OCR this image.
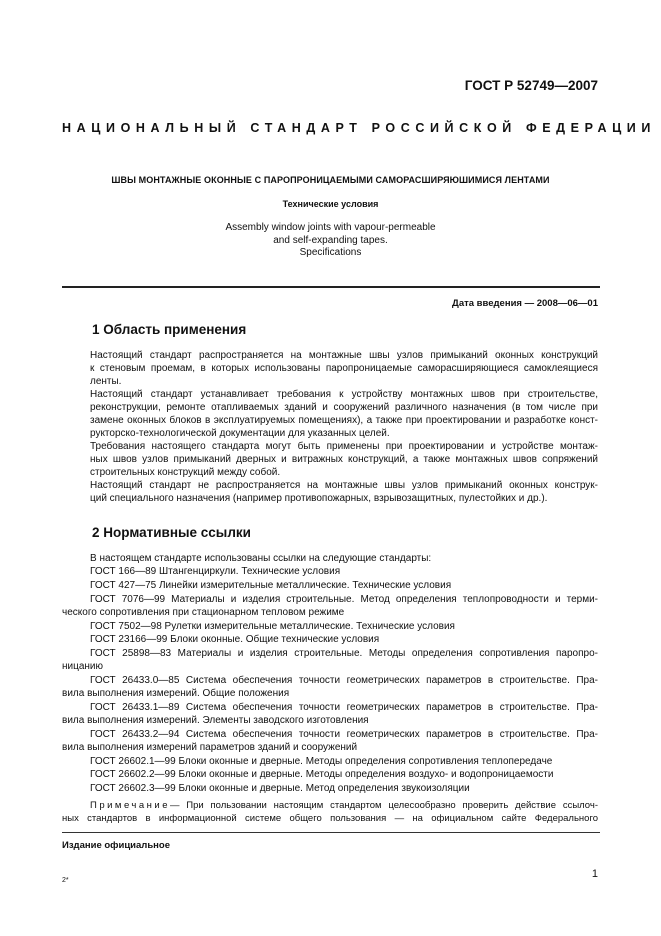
ГОСТ Р 52749—2007
НАЦИОНАЛЬНЫЙ СТАНДАРТ РОССИЙСКОЙ ФЕДЕРАЦИИ
ШВЫ МОНТАЖНЫЕ ОКОННЫЕ С ПАРОПРОНИЦАЕМЫМИ САМОРАСШИРЯЮШИМИСЯ ЛЕНТАМИ
Технические условия
Assembly window joints with vapour-permeable
and self-expanding tapes.
Specifications
Дата введения — 2008—06—01
1 Область применения
Настоящий стандарт распространяется на монтажные швы узлов примыканий оконных конструкций
к стеновым проемам, в которых использованы паропроницаемые саморасширяющиеся самоклеящиеся
ленты.
Настоящий стандарт устанавливает требования к устройству монтажных швов при строительстве,
реконструкции, ремонте отапливаемых зданий и сооружений различного назначения (в том числе при
замене оконных блоков в эксплуатируемых помещениях), а также при проектировании и разработке конст-
рукторско-технологической документации для указанных целей.
Требования настоящего стандарта могут быть применены при проектировании и устройстве монтаж-
ных швов узлов примыканий дверных и витражных конструкций, а также монтажных швов сопряжений
строительных конструкций между собой.
Настоящий стандарт не распространяется на монтажные швы узлов примыканий оконных конструк-
ций специального назначения (например противопожарных, взрывозащитных, пулестойких и др.).
2 Нормативные ссылки
В настоящем стандарте использованы ссылки на следующие стандарты:
ГОСТ 166—89 Штангенциркули. Технические условия
ГОСТ 427—75 Линейки измерительные металлические. Технические условия
ГОСТ 7076—99 Материалы и изделия строительные. Метод определения теплопроводности и терми-
ческого сопротивления при стационарном тепловом режиме
ГОСТ 7502—98 Рулетки измерительные металлические. Технические условия
ГОСТ 23166—99 Блоки оконные. Общие технические условия
ГОСТ 25898—83 Материалы и изделия строительные. Методы определения сопротивления паропро-
ницанию
ГОСТ 26433.0—85 Система обеспечения точности геометрических параметров в строительстве. Пра-
вила выполнения измерений. Общие положения
ГОСТ 26433.1—89 Система обеспечения точности геометрических параметров в строительстве. Пра-
вила выполнения измерений. Элементы заводского изготовления
ГОСТ 26433.2—94 Система обеспечения точности геометрических параметров в строительстве. Пра-
вила выполнения измерений параметров зданий и сооружений
ГОСТ 26602.1—99 Блоки оконные и дверные. Методы определения сопротивления теплопередаче
ГОСТ 26602.2—99 Блоки оконные и дверные. Методы определения воздухо- и водопроницаемости
ГОСТ 26602.3—99 Блоки оконные и дверные. Метод определения звукоизоляции
Примечание— При пользовании настоящим стандартом целесообразно проверить действие ссылоч-
ных стандартов в информационной системе общего пользования — на официальном сайте Федерального
Издание официальное
2*
1
